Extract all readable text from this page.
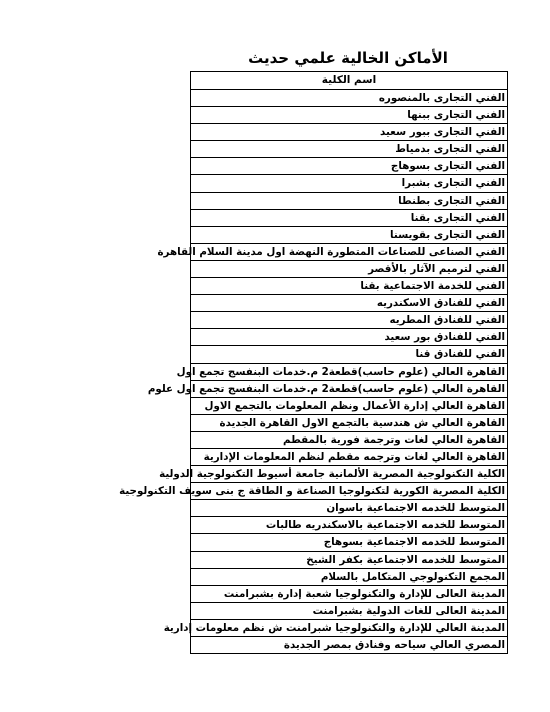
الأماكن الخالية علمي حديث
اسم الكلية
الفني التجارى بالمنصوره
الفني التجارى ببنها
الفني التجارى ببور سعيد
الفني التجارى بدمياط
الفني التجارى بسوهاج
الفني التجارى بشبرا
الفني التجارى بطنطا
الفني التجارى بقنا
الفني التجارى بقويسنا
الفني الصناعى للصناعات المتطورة النهضة اول مدينة السلام القاهرة
الفني لترميم الآثار بالأقصر
الفني للخدمة الاجتماعية بقنا
الفني للفنادق الاسكندريه
الفني للفنادق المطريه
الفني للفنادق بور سعيد
الفني للفنادق قنا
القاهرة العالي (علوم حاسب)قطعة2 م.خدمات البنفسج تجمع اول
القاهرة العالي (علوم حاسب)قطعة2 م.خدمات البنفسج تجمع اول علوم
القاهرة العالي إدارة الأعمال ونظم المعلومات بالتجمع الاول
القاهرة العالي ش هندسية بالتجمع الاول القاهرة الجديدة
القاهرة العالي لغات وترجمة فورية بالمقطم
القاهرة العالي لغات وترجمه مقطم لنظم المعلومات الإدارية
الكلية التكنولوجية المصرية الألمانية جامعة أسيوط التكنولوجية الدولية
الكلية المصرية الكورية لتكنولوجيا الصناعة و الطاقة ج بنى سويف التكنولوجية
المتوسط للخدمه الاجتماعية باسوان
المتوسط للخدمه الاجتماعية بالاسكندريه طالبات
المتوسط للخدمه الاجتماعية بسوهاج
المتوسط للخدمه الاجتماعية بكفر الشيخ
المجمع التكنولوجي المتكامل بالسلام
المدينة العالى للإدارة والتكنولوجيا شعبة إدارة بشبرامنت
المدينة العالى للغات الدولية بشبرامنت
المدينة العالي للإدارة والتكنولوجيا شبرامنت ش نظم معلومات إدارية
المصري العالي سياحه وفنادق بمصر الجديدة
